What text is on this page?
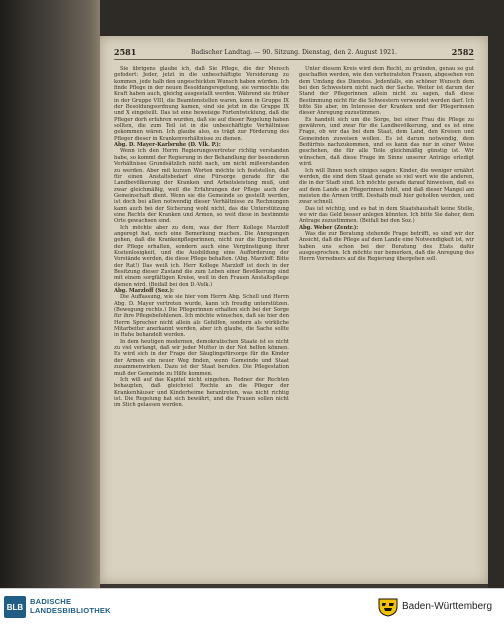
2581	Badischer Landtag. — 90. Sitzung. Dienstag, den 2. August 1921.	2582

Sie übrigens glaube ich, daß Sie Pflege, die der Mensch gefodert: Jeder, jetzt in die unbeschäftigte Versiderung zu kommen, jede halb den ungeschickten Wunsch haben würden. Ich finde Pflege in der neuen Besoldungsregelung, sie vermochte die Kraft haben auch, gleichg ausgestallt werden. Während sie früher in der Gruppe VIII, die Beamtenstellen waren, konn in Gruppe IX der Besoldungsordnung kamen, sind sie jetzt in die Gruppe IX und X eingeteilt. Das ist eine beweisige Fortentwicklung, daß die Pfleger dorh erfahren wurden, daß sie auf dieser Regelung haben sollten, die zum Teil ist in die unbeschäftigte Verhältnisse gekommen wären. Ich glaube also, es trägt zur Förderung des Pfleger dieser in Krankenverhältnisse zu dienen.

Abg. D. Mayer-Karlsruhe (D. Vlk. P.):

Wenn ich den Herrn Regierungsvertreter richtig verstanden habe, so kommt der Regierung in der Behandlung der besonderen Verhältnisse Grundsätzlich nicht nach, um nicht mißverstanden zu werden. Aber mit kurzen Worten möchte ich feststellen, daß für einen Anstaltsbedarf eine Fürsorge gerade für die Landbevölkerung der Kranken und Arbeitsleistung muß, und zwar gleichmäßig, weil die Erfahrungen der Pflege auch der Gemeinschaft dient. Wenn sie die Gemeinde so gestellt werden, ist doch bei allen notwendig dieser Verhältnisse zu Rechnungen kann auch bei der Sicherung wohl nicht, das die Unterstützung eine Rechts der Kranken und Armen, so weit diese in bestimmte Orte gewachsen sind.

Ich möchte aber zu dem, was der Herr Kollege Marzloff angeregt hat, noch eine Bemerkung machen. Die Anregungen gehen, daß die Krankenpflegerinnen, nicht nur die Eigenschaft der Pflege erhalten, sondern auch eine Vergünstigung ihrer Kostenlosigkeit, und die Ausbildung eine Aufforderung der Vorstände werden, die diese Pflege behalten. (Abg. Marzloff: Bitte der Rat!) Das weiß ich. Herr Kollege Marzloff ist doch in der Besitzung dieser Zustand die zum Leben einer Bevölkerung sind mit einem sorgfältigen Kreise, weil in den Frauen Anstaltspflege dienen wird. (Beifall bei den D.-Volk.)

Abg. Marzloff (Soz.):

Die Auffassung, wie sie hier vom Herrn Abg. Schell und Herrn Abg. D. Mayer vertreten wurde, kann ich freudig unterstützen. (Bewegung rechts.) Die Pflegerinnen erhalten sich bei der Sorge für ihre Pflegebefohlenen. Ich möchte wünschen, daß sie hier den Herrn Sprecher nicht allein als Gehilfen, sondern als wirkliche Mitarbeiter anerkannt werden, aber ich glaube, die Sache sollte in Ruhe behandelt werden.

In dem heutigen modernen, demokratischen Staate ist es nicht zu viel verlangt, daß wir jeder Mutter in der Not helfen können. Es wird sich in der Frage der Säuglingsfürsorge für die Kinder der Armen ein neuer Weg finden, wenn Gemeinde und Staat zusammenwirken. Dazu ist der Staat berufen. Die Pflegestation muß der Gemeinde zu Hilfe kommen.

Ich will auf das Kapitel nicht eingehen. Redner der Rechten behaupten, daß gleichviel Rechte an die Pfleger der Krankenhäuser und Kinderheime herantreten, was nicht richtig ist. Die Regelung hat sich bewährt, und die Frauen sollen nicht im Stich gelassen werden.

Unter diesem Kreis wird dem Recht, zu gründen, genau so gut geschaffen werden, wie den verheirateten Frauen, abgesehen von dem Umfang des Dienstes. Jedenfalls, ein schöner Wunsch dem bei den Schwestern nicht nach der Sache. Weiter ist darum der Stand der Pflegerinnen allein nicht zu sagen, daß diese Bestimmung nicht für die Schwestern verwendet werden darf. Ich bitte Sie aber, im Interesse der Kranken und der Pflegerinnen dieser Anregung zuzustimmen.

Es handelt sich um die Sorge, bei einer Frau die Pflege zu gewähren, und zwar für die Landbevölkerung, und es ist eine Frage, ob wir das bei dem Staat, dem Land, den Kreisen und Gemeinden zuweisen wollen. Es ist darum notwendig, dem Bedürfnis nachzukommen, und es kann das nur in einer Weise geschehen, die für alle Teile gleichmäßig günstig ist. Wir wünschen, daß diese Frage im Sinne unserer Anträge erledigt wird.

Ich will Ihnen noch einiges sagen: Kinder, die weniger ernährt werden, die sind dem Staat gerade so viel wert wie die anderen, die in der Stadt sind. Ich möchte gerade darauf hinweisen, daß es auf dem Lande an Pflegerinnen fehlt, und daß dieser Mangel am meisten die Armen trifft. Deshalb muß hier geholfen werden, und zwar schnell.

Das ist wichtig, und es hat in dem Staatshaushalt keine Stelle, wo wir das Geld besser anlegen könnten. Ich bitte Sie daher, dem Antrage zuzustimmen. (Beifall bei den Soz.)

Abg. Weber (Zentr.):

Was die zur Beratung stehende Frage betrifft, so sind wir der Ansicht, daß die Pflege auf dem Lande eine Notwendigkeit ist, wir haben uns schon bei der Beratung des Etats dafür ausgesprochen. Ich möchte nur bemerken, daß die Anregung des Herrn Vorredners auf die Regierung übergehen soll.

BLB
BADISCHE
LANDESBIBLIOTHEK	Baden-Württemberg
